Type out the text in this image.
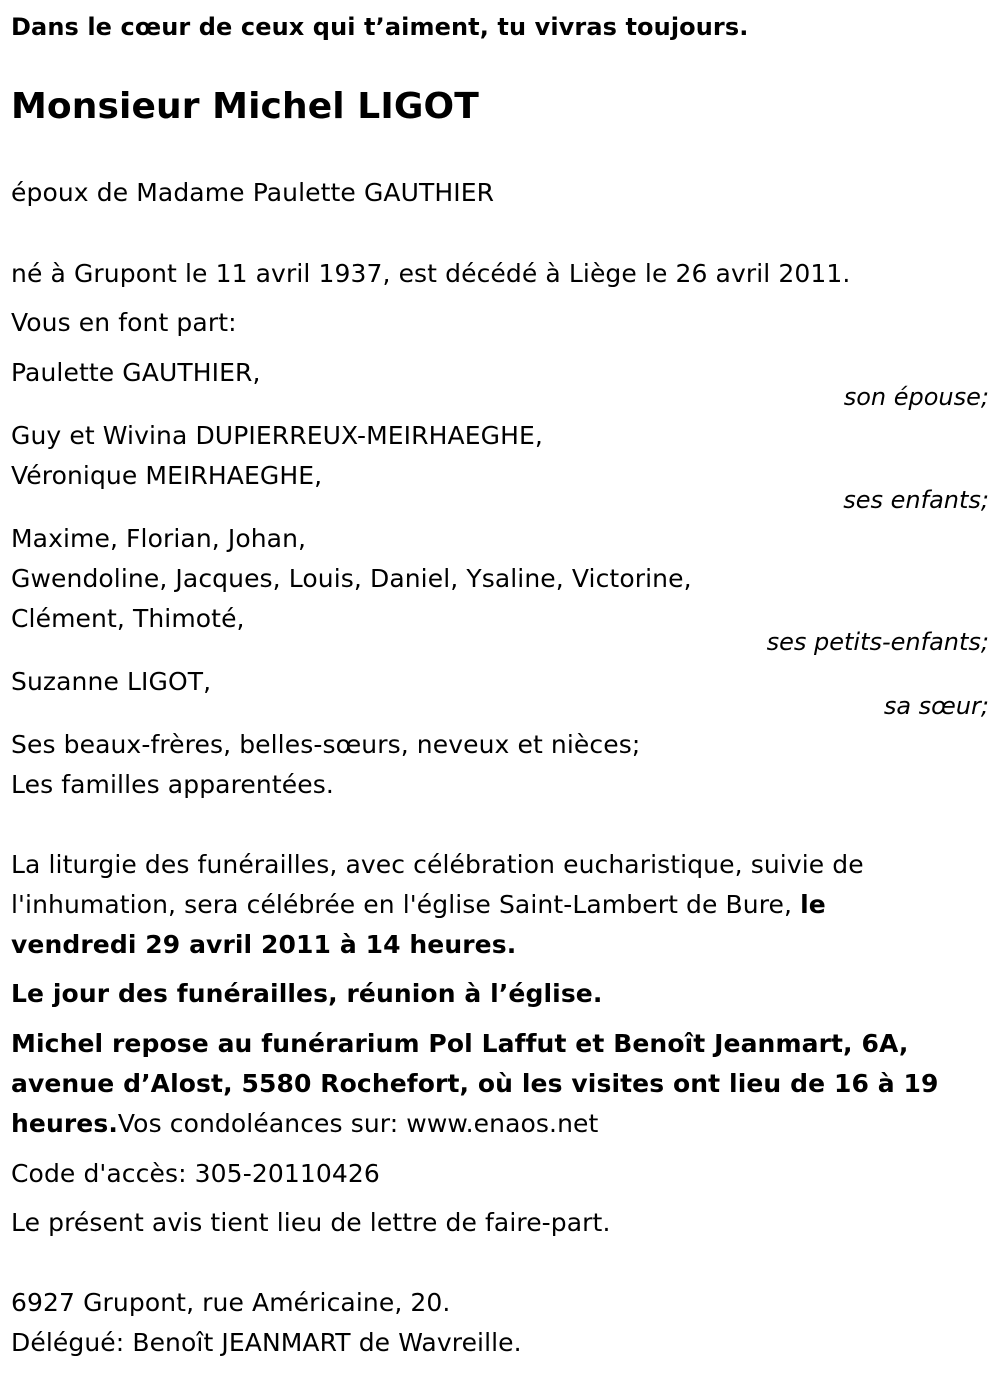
Dans le cœur de ceux qui t’aiment, tu vivras toujours.
Monsieur Michel LIGOT
époux de Madame Paulette GAUTHIER
né à Grupont le 11 avril 1937, est décédé à Liège le 26 avril 2011.
Vous en font part:
Paulette GAUTHIER,
son épouse;
Guy et Wivina DUPIERREUX-MEIRHAEGHE,
Véronique MEIRHAEGHE,
ses enfants;
Maxime, Florian, Johan,
Gwendoline, Jacques, Louis, Daniel, Ysaline, Victorine,
Clément, Thimoté,
ses petits-enfants;
Suzanne LIGOT,
sa sœur;
Ses beaux-frères, belles-sœurs, neveux et nièces;
Les familles apparentées.
La liturgie des funérailles, avec célébration eucharistique, suivie de
l'inhumation, sera célébrée en l'église Saint-Lambert de Bure, le
vendredi 29 avril 2011 à 14 heures.
Le jour des funérailles, réunion à l’église.
Michel repose au funérarium Pol Laffut et Benoît Jeanmart, 6A,
avenue d’Alost, 5580 Rochefort, où les visites ont lieu de 16 à 19
heures.Vos condoléances sur: www.enaos.net
Code d'accès: 305-20110426
Le présent avis tient lieu de lettre de faire-part.
6927 Grupont, rue Américaine, 20.
Délégué: Benoît JEANMART de Wavreille.
